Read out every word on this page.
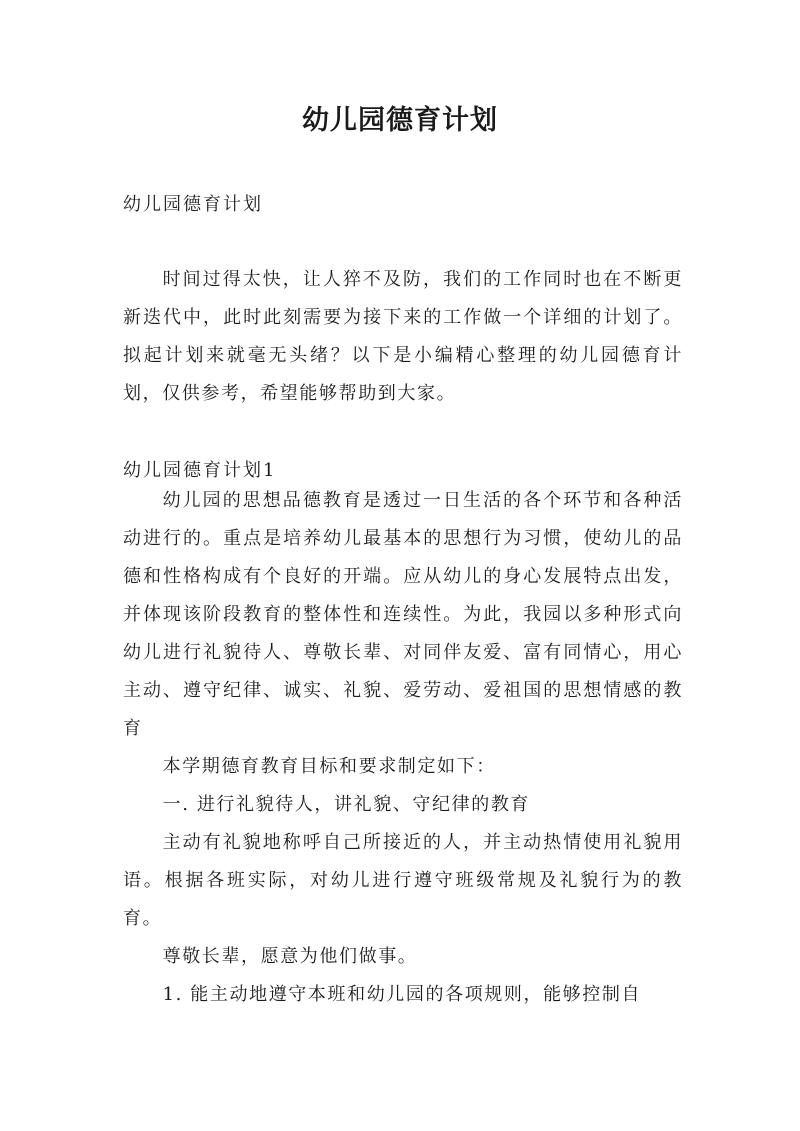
幼儿园德育计划
幼儿园德育计划
时间过得太快，让人猝不及防，我们的工作同时也在不断更新迭代中，此时此刻需要为接下来的工作做一个详细的计划了。拟起计划来就毫无头绪？以下是小编精心整理的幼儿园德育计划，仅供参考，希望能够帮助到大家。
幼儿园德育计划1

幼儿园的思想品德教育是透过一日生活的各个环节和各种活动进行的。重点是培养幼儿最基本的思想行为习惯，使幼儿的品德和性格构成有个良好的开端。应从幼儿的身心发展特点出发，并体现该阶段教育的整体性和连续性。为此，我园以多种形式向幼儿进行礼貌待人、尊敬长辈、对同伴友爱、富有同情心，用心主动、遵守纪律、诚实、礼貌、爱劳动、爱祖国的思想情感的教育

本学期德育教育目标和要求制定如下：

一. 进行礼貌待人，讲礼貌、守纪律的教育

主动有礼貌地称呼自己所接近的人，并主动热情使用礼貌用语。根据各班实际，对幼儿进行遵守班级常规及礼貌行为的教育。

尊敬长辈，愿意为他们做事。

1. 能主动地遵守本班和幼儿园的各项规则，能够控制自
